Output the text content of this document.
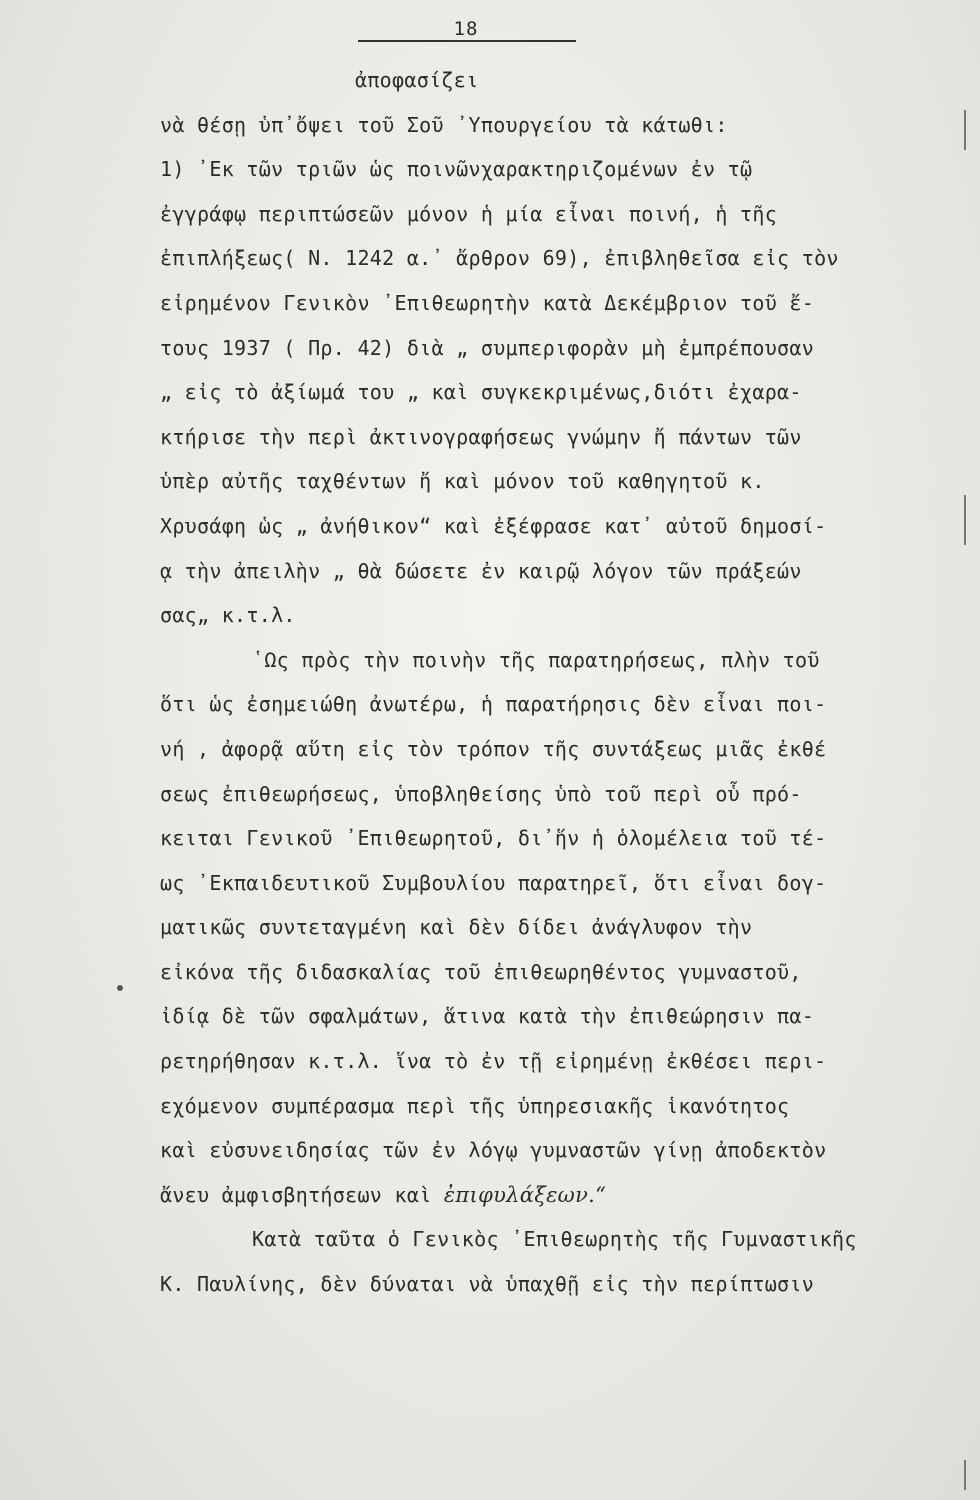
18
ἀποφασίζει
νὰ θέσῃ ὑπ᾽ὄψει τοῦ Σοῦ ᾽Υπουργείου τὰ κάτωθι:
1) ᾽Εκ τῶν τριῶν ὡς ποινῶνχαρακτηριζομένων ἐν τῷ
ἐγγράφῳ περιπτώσεῶν μόνον ἡ μία εἶναι ποινή, ἡ τῆς
ἐπιπλήξεως( Ν. 1242 α.᾽ ἄρθρον 69), ἐπιβληθεῖσα εἰς τὸν
εἰρημένον Γενικὸν ᾽Επιθεωρητὴν κατὰ Δεκέμβριον τοῦ ἔ-
τους 1937 ( Πρ. 42) διὰ „ συμπεριφορὰν μὴ ἐμπρέπουσαν
„ εἰς τὸ ἀξίωμά του „ καὶ συγκεκριμένως,διότι ἐχαρα-
κτήρισε τὴν περὶ ἀκτινογραφήσεως γνώμην ἤ πάντων τῶν
ὑπὲρ αὐτῆς ταχθέντων ἤ καὶ μόνον τοῦ καθηγητοῦ κ.
Χρυσάφη ὡς „ ἀνήθικον“ καὶ ἐξέφρασε κατ᾽ αὐτοῦ δημοσί-
ᾳ τὴν ἀπειλὴν „ θὰ δώσετε ἐν καιρῷ λόγον τῶν πράξεών
σας„ κ.τ.λ.
῾Ως πρὸς τὴν ποινὴν τῆς παρατηρήσεως, πλὴν τοῦ
ὅτι ὡς ἐσημειώθη ἀνωτέρω, ἡ παρατήρησις δὲν εἶναι ποι-
νή , ἀφορᾷ αὕτη εἰς τὸν τρόπον τῆς συντάξεως μιᾶς ἐκθέ
σεως ἐπιθεωρήσεως, ὑποβληθείσης ὑπὸ τοῦ περὶ οὗ πρό-
κειται Γενικοῦ ᾽Επιθεωρητοῦ, δι᾽ἥν ἡ ὁλομέλεια τοῦ τέ-
ως ᾽Εκπαιδευτικοῦ Συμβουλίου παρατηρεῖ, ὅτι εἶναι δογ-
ματικῶς συντεταγμένη καὶ δὲν δίδει ἀνάγλυφον τὴν
εἰκόνα τῆς διδασκαλίας τοῦ ἐπιθεωρηθέντος γυμναστοῦ,
ἰδίᾳ δὲ τῶν σφαλμάτων, ἅτινα κατὰ τὴν ἐπιθεώρησιν πα-
ρετηρήθησαν κ.τ.λ. ἵνα τὸ ἐν τῇ εἰρημένῃ ἐκθέσει περι-
εχόμενον συμπέρασμα περὶ τῆς ὑπηρεσιακῆς ἱκανότητος
καὶ εὐσυνειδησίας τῶν ἐν λόγῳ γυμναστῶν γίνῃ ἀποδεκτὸν
ἄνευ ἀμφισβητήσεων καὶ ἐπιφυλάξεων.“
Κατὰ ταῦτα ὁ Γενικὸς ᾽Επιθεωρητὴς τῆς Γυμναστικῆς
Κ. Παυλίνης, δὲν δύναται νὰ ὑπαχθῇ εἰς τὴν περίπτωσιν
